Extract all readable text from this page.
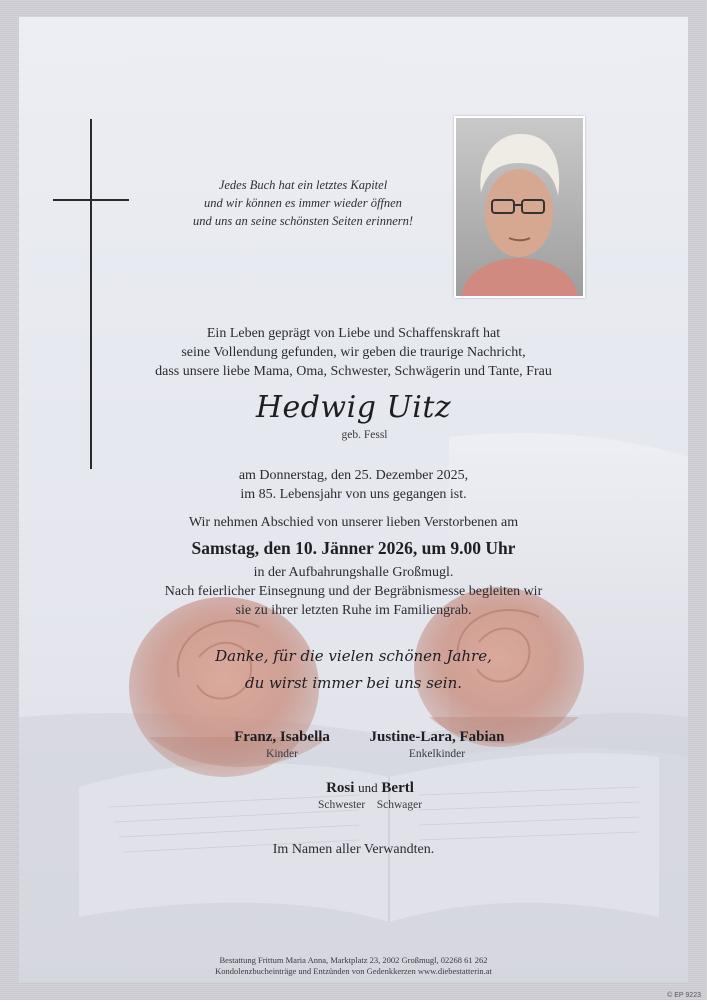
Jedes Buch hat ein letztes Kapitel
und wir können es immer wieder öffnen
und uns an seine schönsten Seiten erinnern!
Ein Leben geprägt von Liebe und Schaffenskraft hat
seine Vollendung gefunden, wir geben die traurige Nachricht,
dass unsere liebe Mama, Oma, Schwester, Schwägerin und Tante, Frau
Hedwig Uitz
geb. Fessl
am Donnerstag, den 25. Dezember 2025,
im 85. Lebensjahr von uns gegangen ist.
Wir nehmen Abschied von unserer lieben Verstorbenen am
Samstag, den 10. Jänner 2026, um 9.00 Uhr
in der Aufbahrungshalle Großmugl.
Nach feierlicher Einsegnung und der Begräbnismesse begleiten wir
sie zu ihrer letzten Ruhe im Familiengrab.
Danke, für die vielen schönen Jahre,
du wirst immer bei uns sein.
Franz, Isabella
Kinder
Justine-Lara, Fabian
Enkelkinder
Rosi und Bertl
Schwester Schwager
Im Namen aller Verwandten.
Bestattung Frittum Maria Anna, Marktplatz 23, 2002 Großmugl, 02268 61 262
Kondolenzbucheinträge und Entzünden von Gedenkkerzen www.diebestatterin.at
© EP 9223
